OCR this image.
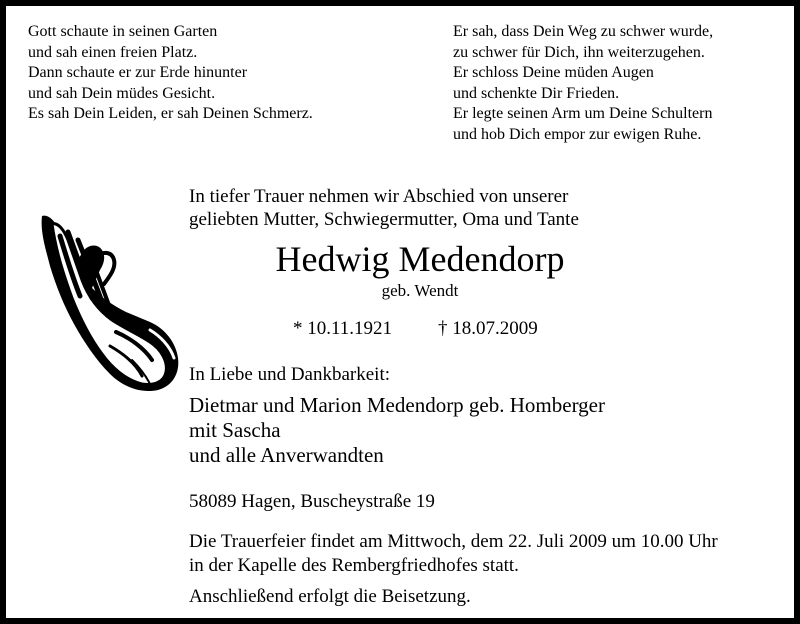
Gott schaute in seinen Garten
und sah einen freien Platz.
Dann schaute er zur Erde hinunter
und sah Dein müdes Gesicht.
Es sah Dein Leiden, er sah Deinen Schmerz.
Er sah, dass Dein Weg zu schwer wurde,
zu schwer für Dich, ihn weiterzugehen.
Er schloss Deine müden Augen
und schenkte Dir Frieden.
Er legte seinen Arm um Deine Schultern
und hob Dich empor zur ewigen Ruhe.
In tiefer Trauer nehmen wir Abschied von unserer
geliebten Mutter, Schwiegermutter, Oma und Tante
Hedwig Medendorp
geb. Wendt
* 10.11.1921 † 18.07.2009
In Liebe und Dankbarkeit:
Dietmar und Marion Medendorp geb. Homberger
mit Sascha
und alle Anverwandten
58089 Hagen, Buscheystraße 19
Die Trauerfeier findet am Mittwoch, dem 22. Juli 2009 um 10.00 Uhr
in der Kapelle des Rembergfriedhofes statt.
Anschließend erfolgt die Beisetzung.
